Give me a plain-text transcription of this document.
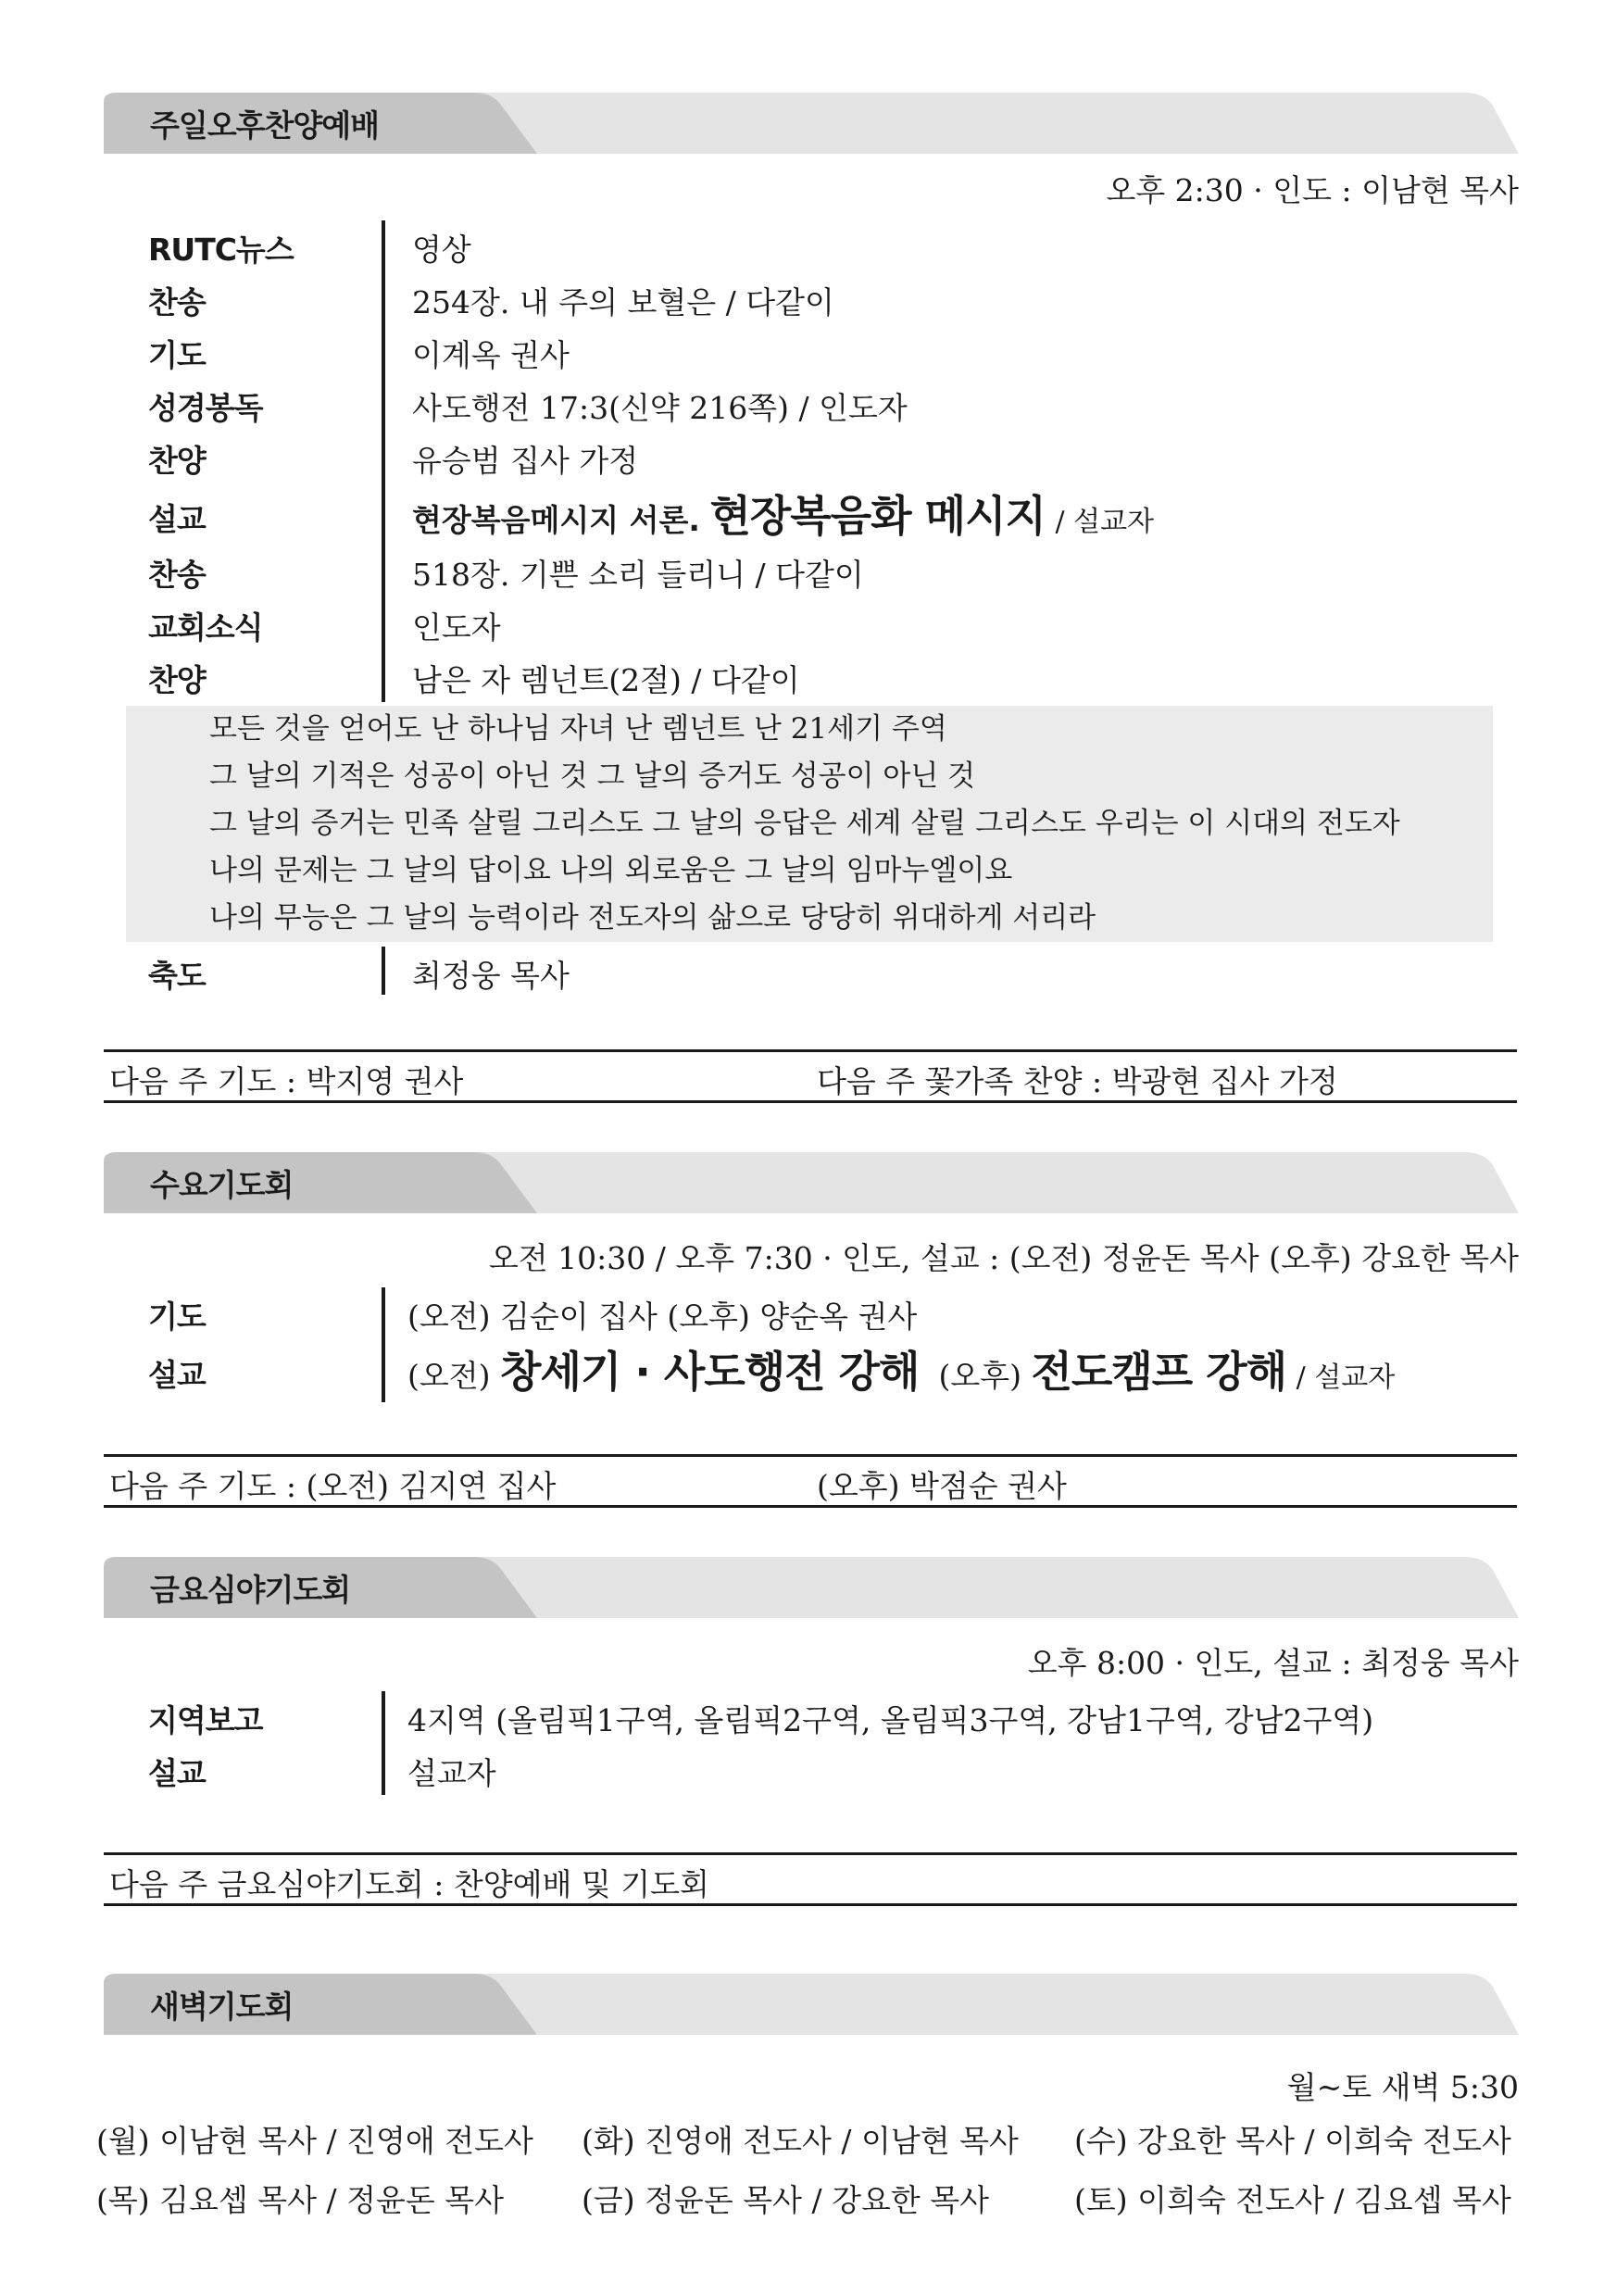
주일오후찬양예배
오후 2:30 · 인도 : 이남현 목사
RUTC뉴스	영상
찬송	254장. 내 주의 보혈은 / 다같이
기도	이계옥 권사
성경봉독	사도행전 17:3(신약 216쪽) / 인도자
찬양	유승범 집사 가정
설교	현장복음메시지 서론. 현장복음화 메시지 / 설교자
찬송	518장. 기쁜 소리 들리니 / 다같이
교회소식	인도자
찬양	남은 자 렘넌트(2절) / 다같이
모든 것을 얻어도 난 하나님 자녀 난 렘넌트 난 21세기 주역
그 날의 기적은 성공이 아닌 것 그 날의 증거도 성공이 아닌 것
그 날의 증거는 민족 살릴 그리스도 그 날의 응답은 세계 살릴 그리스도 우리는 이 시대의 전도자
나의 문제는 그 날의 답이요 나의 외로움은 그 날의 임마누엘이요
나의 무능은 그 날의 능력이라 전도자의 삶으로 당당히 위대하게 서리라
축도	최정웅 목사
다음 주 기도 : 박지영 권사	다음 주 꽃가족 찬양 : 박광현 집사 가정
수요기도회
오전 10:30 / 오후 7:30 · 인도, 설교 : (오전) 정윤돈 목사 (오후) 강요한 목사
기도	(오전) 김순이 집사 (오후) 양순옥 권사
설교	(오전) 창세기 · 사도행전 강해 (오후) 전도캠프 강해 / 설교자
다음 주 기도 : (오전) 김지연 집사	(오후) 박점순 권사
금요심야기도회
오후 8:00 · 인도, 설교 : 최정웅 목사
지역보고	4지역 (올림픽1구역, 올림픽2구역, 올림픽3구역, 강남1구역, 강남2구역)
설교	설교자
다음 주 금요심야기도회 : 찬양예배 및 기도회
새벽기도회
월~토 새벽 5:30
(월) 이남현 목사 / 진영애 전도사 (화) 진영애 전도사 / 이남현 목사 (수) 강요한 목사 / 이희숙 전도사
(목) 김요셉 목사 / 정윤돈 목사	(금) 정윤돈 목사 / 강요한 목사	(토) 이희숙 전도사 / 김요셉 목사
